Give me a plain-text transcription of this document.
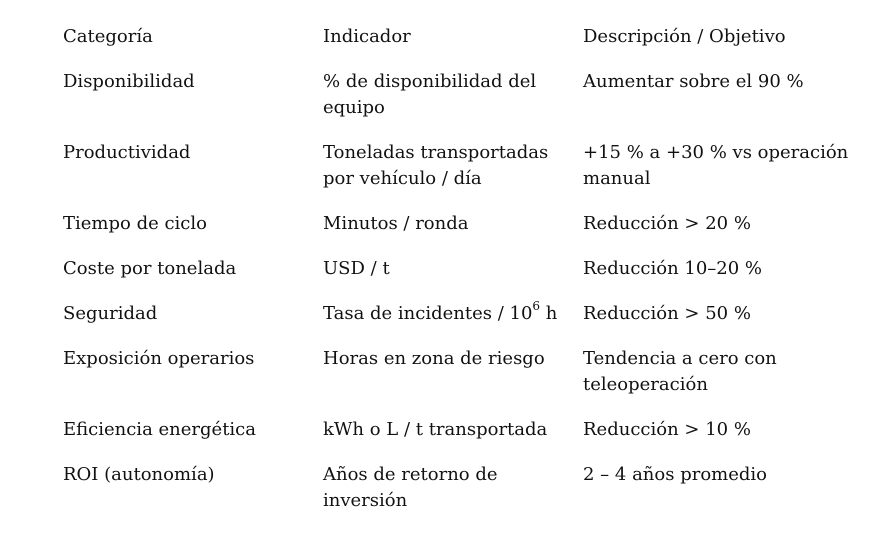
Categoría	Indicador	Descripción / Objetivo
Disponibilidad	% de disponibilidad del equipo	Aumentar sobre el 90 %
Productividad	Toneladas transportadas por vehículo / día	+15 % a +30 % vs operación manual
Tiempo de ciclo	Minutos / ronda	Reducción > 20 %
Coste por tonelada	USD / t	Reducción 10–20 %
Seguridad	Tasa de incidentes / $10^6$ h	Reducción > 50 %
Exposición operarios	Horas en zona de riesgo	Tendencia a cero con teleoperación
Eficiencia energética	kWh o L / t transportada	Reducción > 10 %
ROI (autonomía)	Años de retorno de inversión	2 – 4 años promedio
